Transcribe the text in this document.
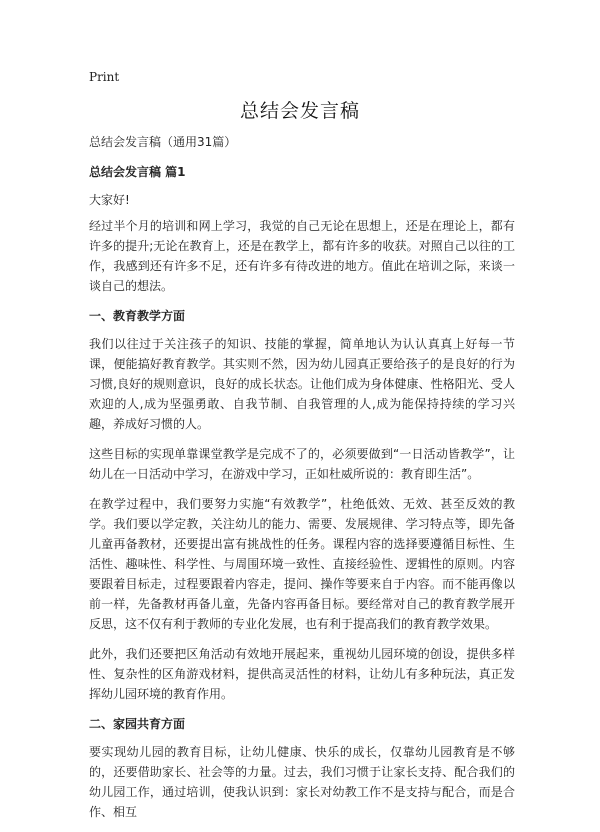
Print
总结会发言稿

总结会发言稿（通用31篇）

总结会发言稿 篇1

大家好!

经过半个月的培训和网上学习，我觉的自己无论在思想上，还是在理论上，都有许多的提升;无论在教育上，还是在教学上，都有许多的收获。对照自己以往的工作，我感到还有许多不足，还有许多有待改进的地方。值此在培训之际，来谈一谈自己的想法。

一、教育教学方面

我们以往过于关注孩子的知识、技能的掌握，简单地认为认认真真上好每一节课，便能搞好教育教学。其实则不然，因为幼儿园真正要给孩子的是良好的行为习惯,良好的规则意识，良好的成长状态。让他们成为身体健康、性格阳光、受人欢迎的人,成为坚强勇敢、自我节制、自我管理的人,成为能保持持续的学习兴趣，养成好习惯的人。

这些目标的实现单靠课堂教学是完成不了的，必须要做到“一日活动皆教学”，让幼儿在一日活动中学习，在游戏中学习，正如杜威所说的：教育即生活”。

在教学过程中，我们要努力实施“有效教学”，杜绝低效、无效、甚至反效的教学。我们要以学定教，关注幼儿的能力、需要、发展规律、学习特点等，即先备儿童再备教材，还要提出富有挑战性的任务。课程内容的选择要遵循目标性、生活性、趣味性、科学性、与周围环境一致性、直接经验性、逻辑性的原则。内容要跟着目标走，过程要跟着内容走，提问、操作等要来自于内容。而不能再像以前一样，先备教材再备儿童，先备内容再备目标。要经常对自己的教育教学展开反思，这不仅有利于教师的专业化发展，也有利于提高我们的教育教学效果。

此外，我们还要把区角活动有效地开展起来，重视幼儿园环境的创设，提供多样性、复杂性的区角游戏材料，提供高灵活性的材料，让幼儿有多种玩法，真正发挥幼儿园环境的教育作用。

二、家园共育方面

要实现幼儿园的教育目标，让幼儿健康、快乐的成长，仅靠幼儿园教育是不够的，还要借助家长、社会等的力量。过去，我们习惯于让家长支持、配合我们的幼儿园工作，通过培训，使我认识到：家长对幼教工作不是支持与配合，而是合作、相互
